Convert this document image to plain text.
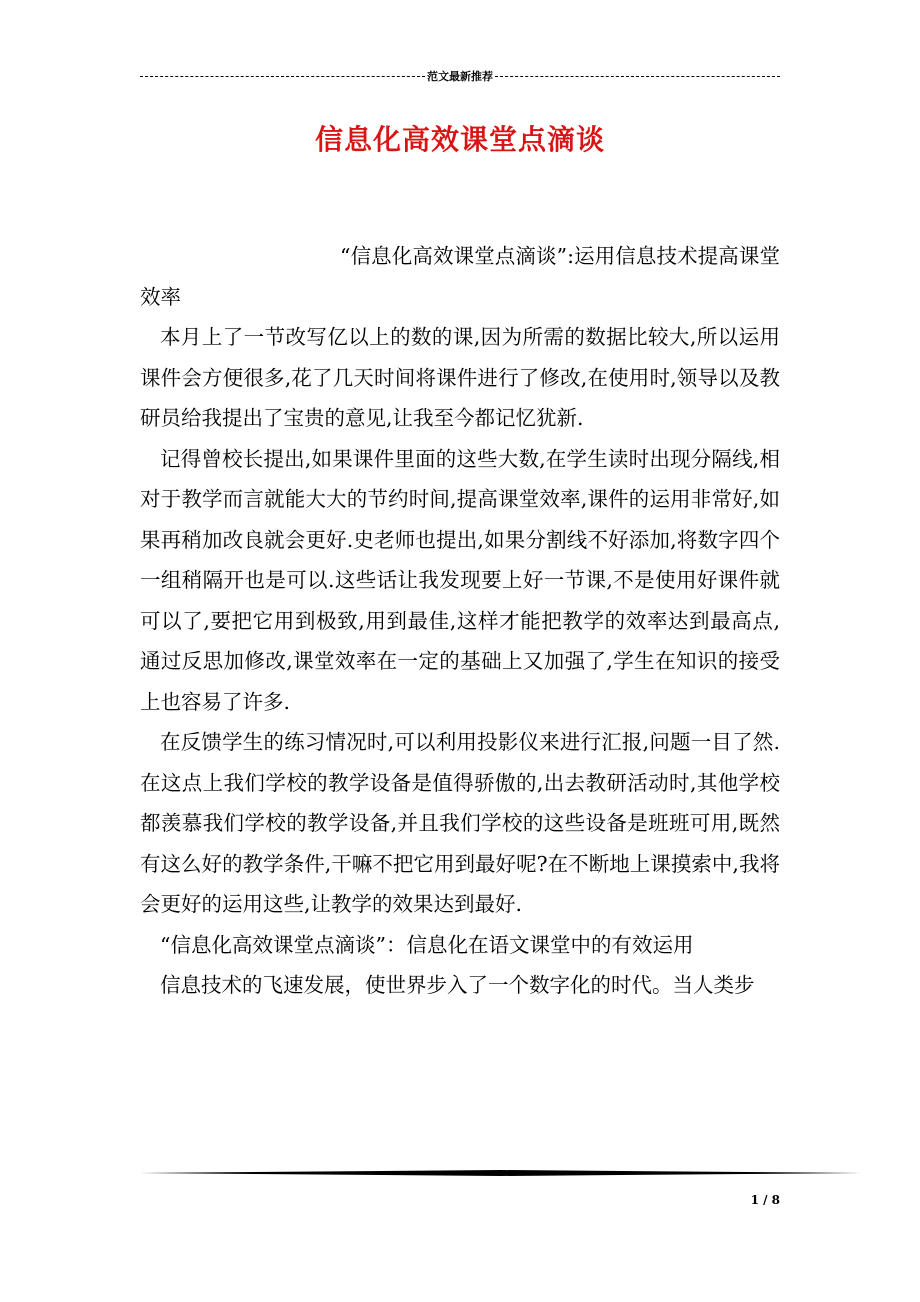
范文最新推荐
信息化高效课堂点滴谈

“信息化高效课堂点滴谈”:运用信息技术提高课堂效率

本月上了一节改写亿以上的数的课,因为所需的数据比较大,所以运用课件会方便很多,花了几天时间将课件进行了修改,在使用时,领导以及教研员给我提出了宝贵的意见,让我至今都记忆犹新.

记得曾校长提出,如果课件里面的这些大数,在学生读时出现分隔线,相对于教学而言就能大大的节约时间,提高课堂效率,课件的运用非常好,如果再稍加改良就会更好.史老师也提出,如果分割线不好添加,将数字四个一组稍隔开也是可以.这些话让我发现要上好一节课,不是使用好课件就可以了,要把它用到极致,用到最佳,这样才能把教学的效率达到最高点,通过反思加修改,课堂效率在一定的基础上又加强了,学生在知识的接受上也容易了许多.

在反馈学生的练习情况时,可以利用投影仪来进行汇报,问题一目了然.在这点上我们学校的教学设备是值得骄傲的,出去教研活动时,其他学校都羡慕我们学校的教学设备,并且我们学校的这些设备是班班可用,既然有这么好的教学条件,干嘛不把它用到最好呢?在不断地上课摸索中,我将会更好的运用这些,让教学的效果达到最好.

“信息化高效课堂点滴谈”：信息化在语文课堂中的有效运用

信息技术的飞速发展，使世界步入了一个数字化的时代。当人类步

1 / 8
